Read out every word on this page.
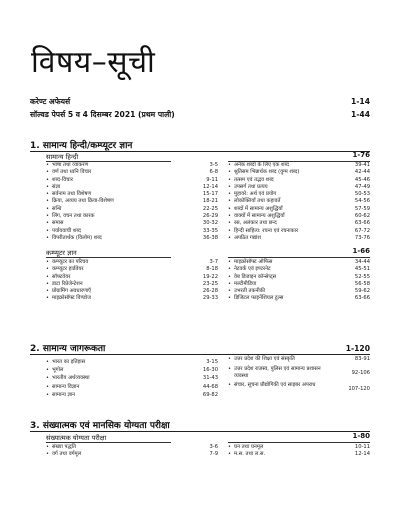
विषय–सूची
करेण्ट अफेयर्स	1-14
सॉल्वड पेपर्स 5 व 4 दिसम्बर 2021 (प्रथम पाली)	1-44
1. सामान्य हिन्दी/कम्प्यूटर ज्ञान
सामान्य हिन्दी	1-76
• भाषा तथा व्याकरण	3-5
• वर्ण तथा ध्वनि विचार	6-8
• शब्द-विचार	9-11
• संज्ञा	12-14
• सर्वनाम तथा विशेषण	15-17
• क्रिया, अव्यय तथा क्रिया-विशेषण	18-21
• सन्धि	22-25
• लिंग, वचन तथा कारक	26-29
• समास	30-32
• पर्यायवाची शब्द	33-35
• विपरीतार्थक (विलोम) शब्द	36-38
• अनेक शब्दों के लिए एक शब्द	39-41
• श्रुतिसम भिन्नार्थक शब्द (युग्म शब्द)	42-44
• तत्सम एवं तद्भव शब्द	45-46
• उपसर्ग तथा प्रत्यय	47-49
• मुहावरे: अर्थ एवं प्रयोग	50-53
• लोकोक्तियाँ तथा कहावतें	54-56
• शब्दों में सामान्य अशुद्धियाँ	57-59
• वाक्यों में सामान्य अशुद्धियाँ	60-62
• रस, अलंकार तथा छन्द	63-66
• हिन्दी साहित्य: रचना एवं रचनाकार	67-72
• अपठित गद्यांश	73-76
कम्प्यूटर ज्ञान	1-66
• कम्प्यूटर का परिचय	3-7
• कम्प्यूटर हार्डवेयर	8-18
• सॉफ्टवेयर	19-22
• डाटा रिप्रेजेन्टेशन	23-25
• प्रोग्रामिंग अवधारणाएँ	26-28
• माइक्रोसॉफ्ट विण्डोज	29-33
• माइक्रोसॉफ्ट ऑफिस	34-44
• नेटवर्क एवं इण्टरनेट	45-51
• वेब डिजाइन कॉन्सेप्ट्स	52-55
• मल्टीमीडिया	56-58
• उभरती तकनीकी	59-62
• डिजिटल फाइनेंशियल टूल्स	63-66
2. सामान्य जागरूकता	1-120
• भारत का इतिहास	3-15
• भूगोल	16-30
• भारतीय अर्थव्यवस्था	31-43
• सामान्य विज्ञान	44-68
• सामान्य ज्ञान	69-82
• उत्तर प्रदेश की शिक्षा एवं संस्कृति	83-91
• उत्तर प्रदेश राजस्व, पुलिस एवं सामान्य प्रशासन व्यवस्था
92-106
• संचार, सूचना प्रौद्योगिकी एवं साइबर अपराध
107-120
3. संख्यात्मक एवं मानसिक योग्यता परीक्षा
संख्यात्मक योग्यता परीक्षा	1-80
• संख्या पद्धति	3-6
• वर्ग तथा वर्गमूल	7-9
• घन तथा घनमूल	10-11
• म.स. तथा ल.स.	12-14
